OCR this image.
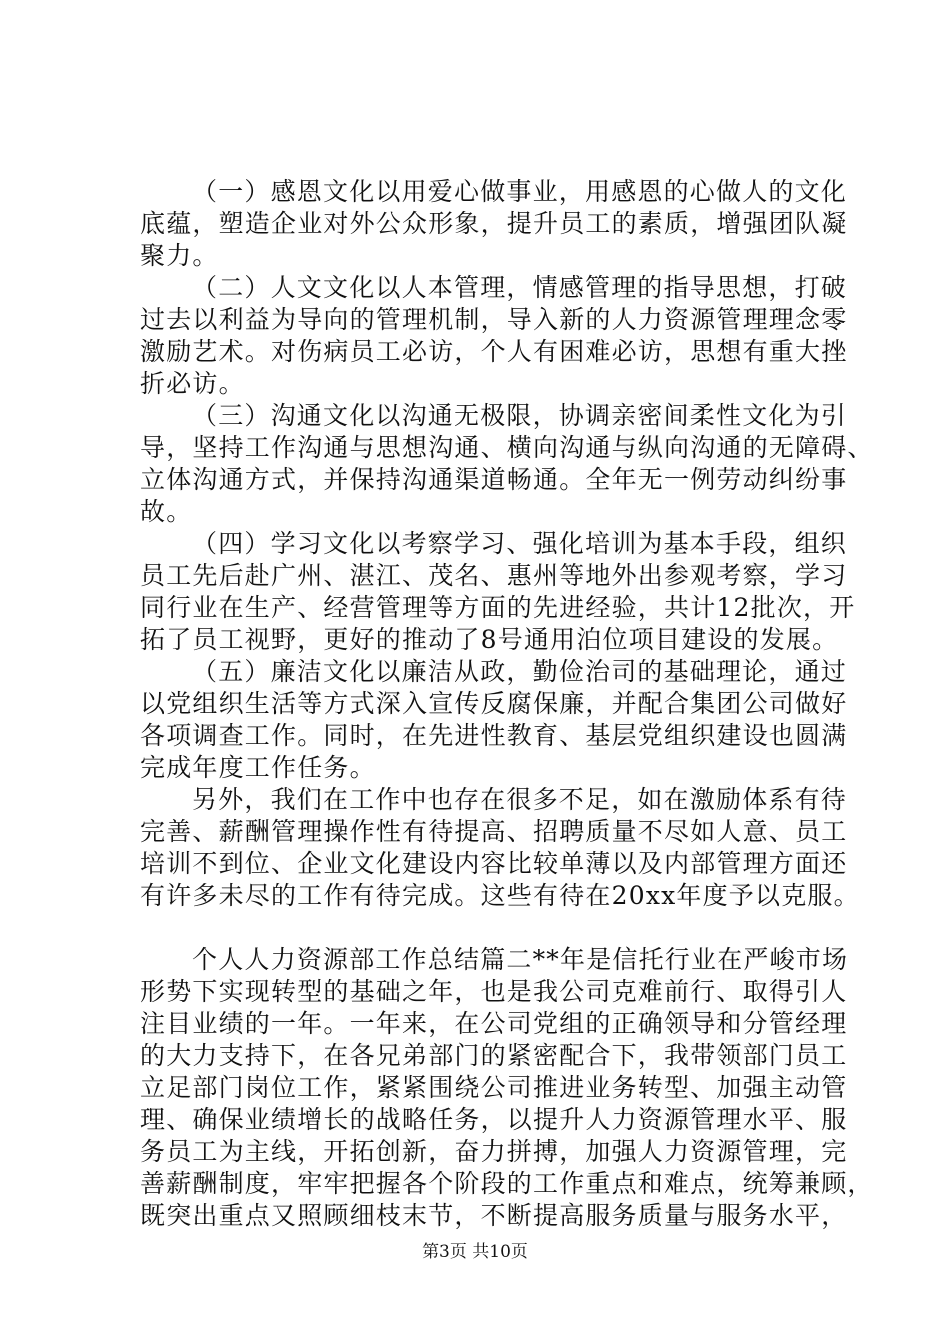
（一）感恩文化以用爱心做事业，用感恩的心做人的文化
底蕴，塑造企业对外公众形象，提升员工的素质，增强团队凝
聚力。
（二）人文文化以人本管理，情感管理的指导思想，打破
过去以利益为导向的管理机制，导入新的人力资源管理理念零
激励艺术。对伤病员工必访，个人有困难必访，思想有重大挫
折必访。
（三）沟通文化以沟通无极限，协调亲密间柔性文化为引
导，坚持工作沟通与思想沟通、横向沟通与纵向沟通的无障碍、
立体沟通方式，并保持沟通渠道畅通。全年无一例劳动纠纷事
故。
（四）学习文化以考察学习、强化培训为基本手段，组织
员工先后赴广州、湛江、茂名、惠州等地外出参观考察，学习
同行业在生产、经营管理等方面的先进经验，共计12批次，开
拓了员工视野，更好的推动了8号通用泊位项目建设的发展。
（五）廉洁文化以廉洁从政，勤俭治司的基础理论，通过
以党组织生活等方式深入宣传反腐保廉，并配合集团公司做好
各项调查工作。同时，在先进性教育、基层党组织建设也圆满
完成年度工作任务。
另外，我们在工作中也存在很多不足，如在激励体系有待
完善、薪酬管理操作性有待提高、招聘质量不尽如人意、员工
培训不到位、企业文化建设内容比较单薄以及内部管理方面还
有许多未尽的工作有待完成。这些有待在20xx年度予以克服。
个人人力资源部工作总结篇二**年是信托行业在严峻市场
形势下实现转型的基础之年，也是我公司克难前行、取得引人
注目业绩的一年。一年来，在公司党组的正确领导和分管经理
的大力支持下，在各兄弟部门的紧密配合下，我带领部门员工
立足部门岗位工作，紧紧围绕公司推进业务转型、加强主动管
理、确保业绩增长的战略任务，以提升人力资源管理水平、服
务员工为主线，开拓创新，奋力拼搏，加强人力资源管理，完
善薪酬制度，牢牢把握各个阶段的工作重点和难点，统筹兼顾，
既突出重点又照顾细枝末节，不断提高服务质量与服务水平，
第3页 共10页
